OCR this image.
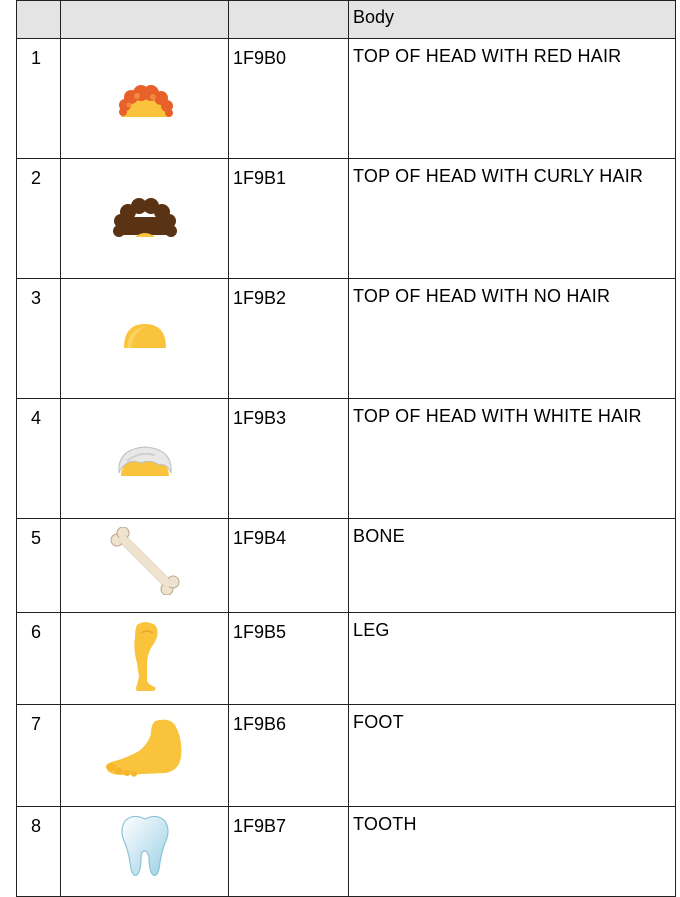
			Body

1		1F9B0	TOP OF HEAD WITH RED HAIR

2		1F9B1	TOP OF HEAD WITH CURLY HAIR

3		1F9B2	TOP OF HEAD WITH NO HAIR

4		1F9B3	TOP OF HEAD WITH WHITE HAIR

5		1F9B4	BONE

6		1F9B5	LEG

7		1F9B6	FOOT

8		1F9B7	TOOTH
